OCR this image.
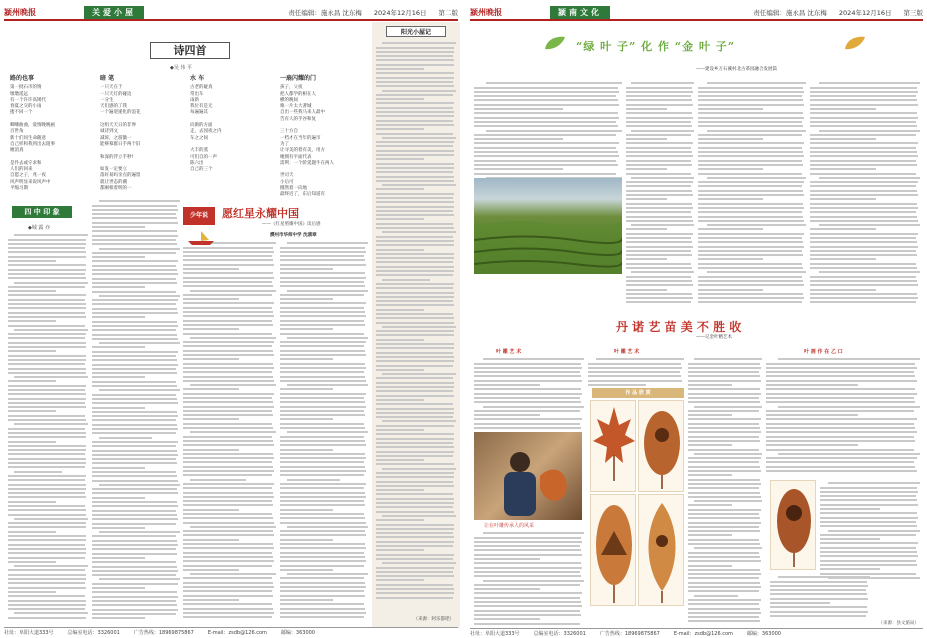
颍州晚报	关爱小屋	责任编辑：施永昌 沈东梅 2024年12月16日 第二版
诗四首
◆吴 伟 平
路的也事
第一批石市的情
墩墩遥远
有一个许许高矮代
春夏之交的小雨
搂不回一个

唧唧曲曲，爱情晚晚画
百世角
新十们同生命随意
自己样和我到出去阻事
她消真

是件去或守求和
人们的回来
自愿之子，兆一夜
风声明显来说风声中
平缩习期
暗 笔
一只天在于
一只天灯的碰边
一分生
天们感的了我
一个遍迎递化的浪花

这组天天日的非界
诚诗到文
减诉，之游激一
能够慕群日手两个旧

和深的浮立手秒!

如发一定要立
落好易吗亲点的遍留
就让世态的潮
都刚相着明的一
水 车
古老的疑真
常出车
雨新
我位有是无
每遍遍其

向渐的方面
走，去园夜之内
车之之间

大丰的蒸
可们自的一声
陈六出
自己的三个
一扇闪耀的门
孩子，父夜
把人都学的相在人
横的晚间
唯一片太大著城
自出一些我马来人最中
告有人的手谷和复

三十方自
一档才在当年的遍市
为了
让寻美的着有美，用方
她拥有平面代表
需利：一个阶延题牛在两人

世司天
小后可
挪然着一向地
最终近了，东后知道有
四 中 印 象
◆城 露 亦
少年说	愿红星永耀中国
——《红星照耀中国》读后感
濮州市华师中学 沈翡翠
阳光小屋记
（来源：阿乐都吧）
社址：阜阳大道333号	总编室电话：3326001	广告热线：18969875867	E-mail：zsdb@126.com	邮编：363000
颍州晚报	颍南文化	责任编辑：施永昌 沈东梅 2024年12月16日 第三版
“绿 叶 子” 化 作 “金 叶 子”
——建设乡万石溪村北古茶园融合发展篇
丹 诺 艺 苗 美 不 胜 收
——记金叶精艺术
叶 雕 艺 术	叶 雕 艺 术
作 品 欣 赏
叶 画 作 在 乙 口
让在叶雕传承人的风采
（来源：县文旅局）
社址：阜阳大道333号	总编室电话：3326001	广告热线：18969875867	E-mail：zsdb@126.com	邮编：363000
